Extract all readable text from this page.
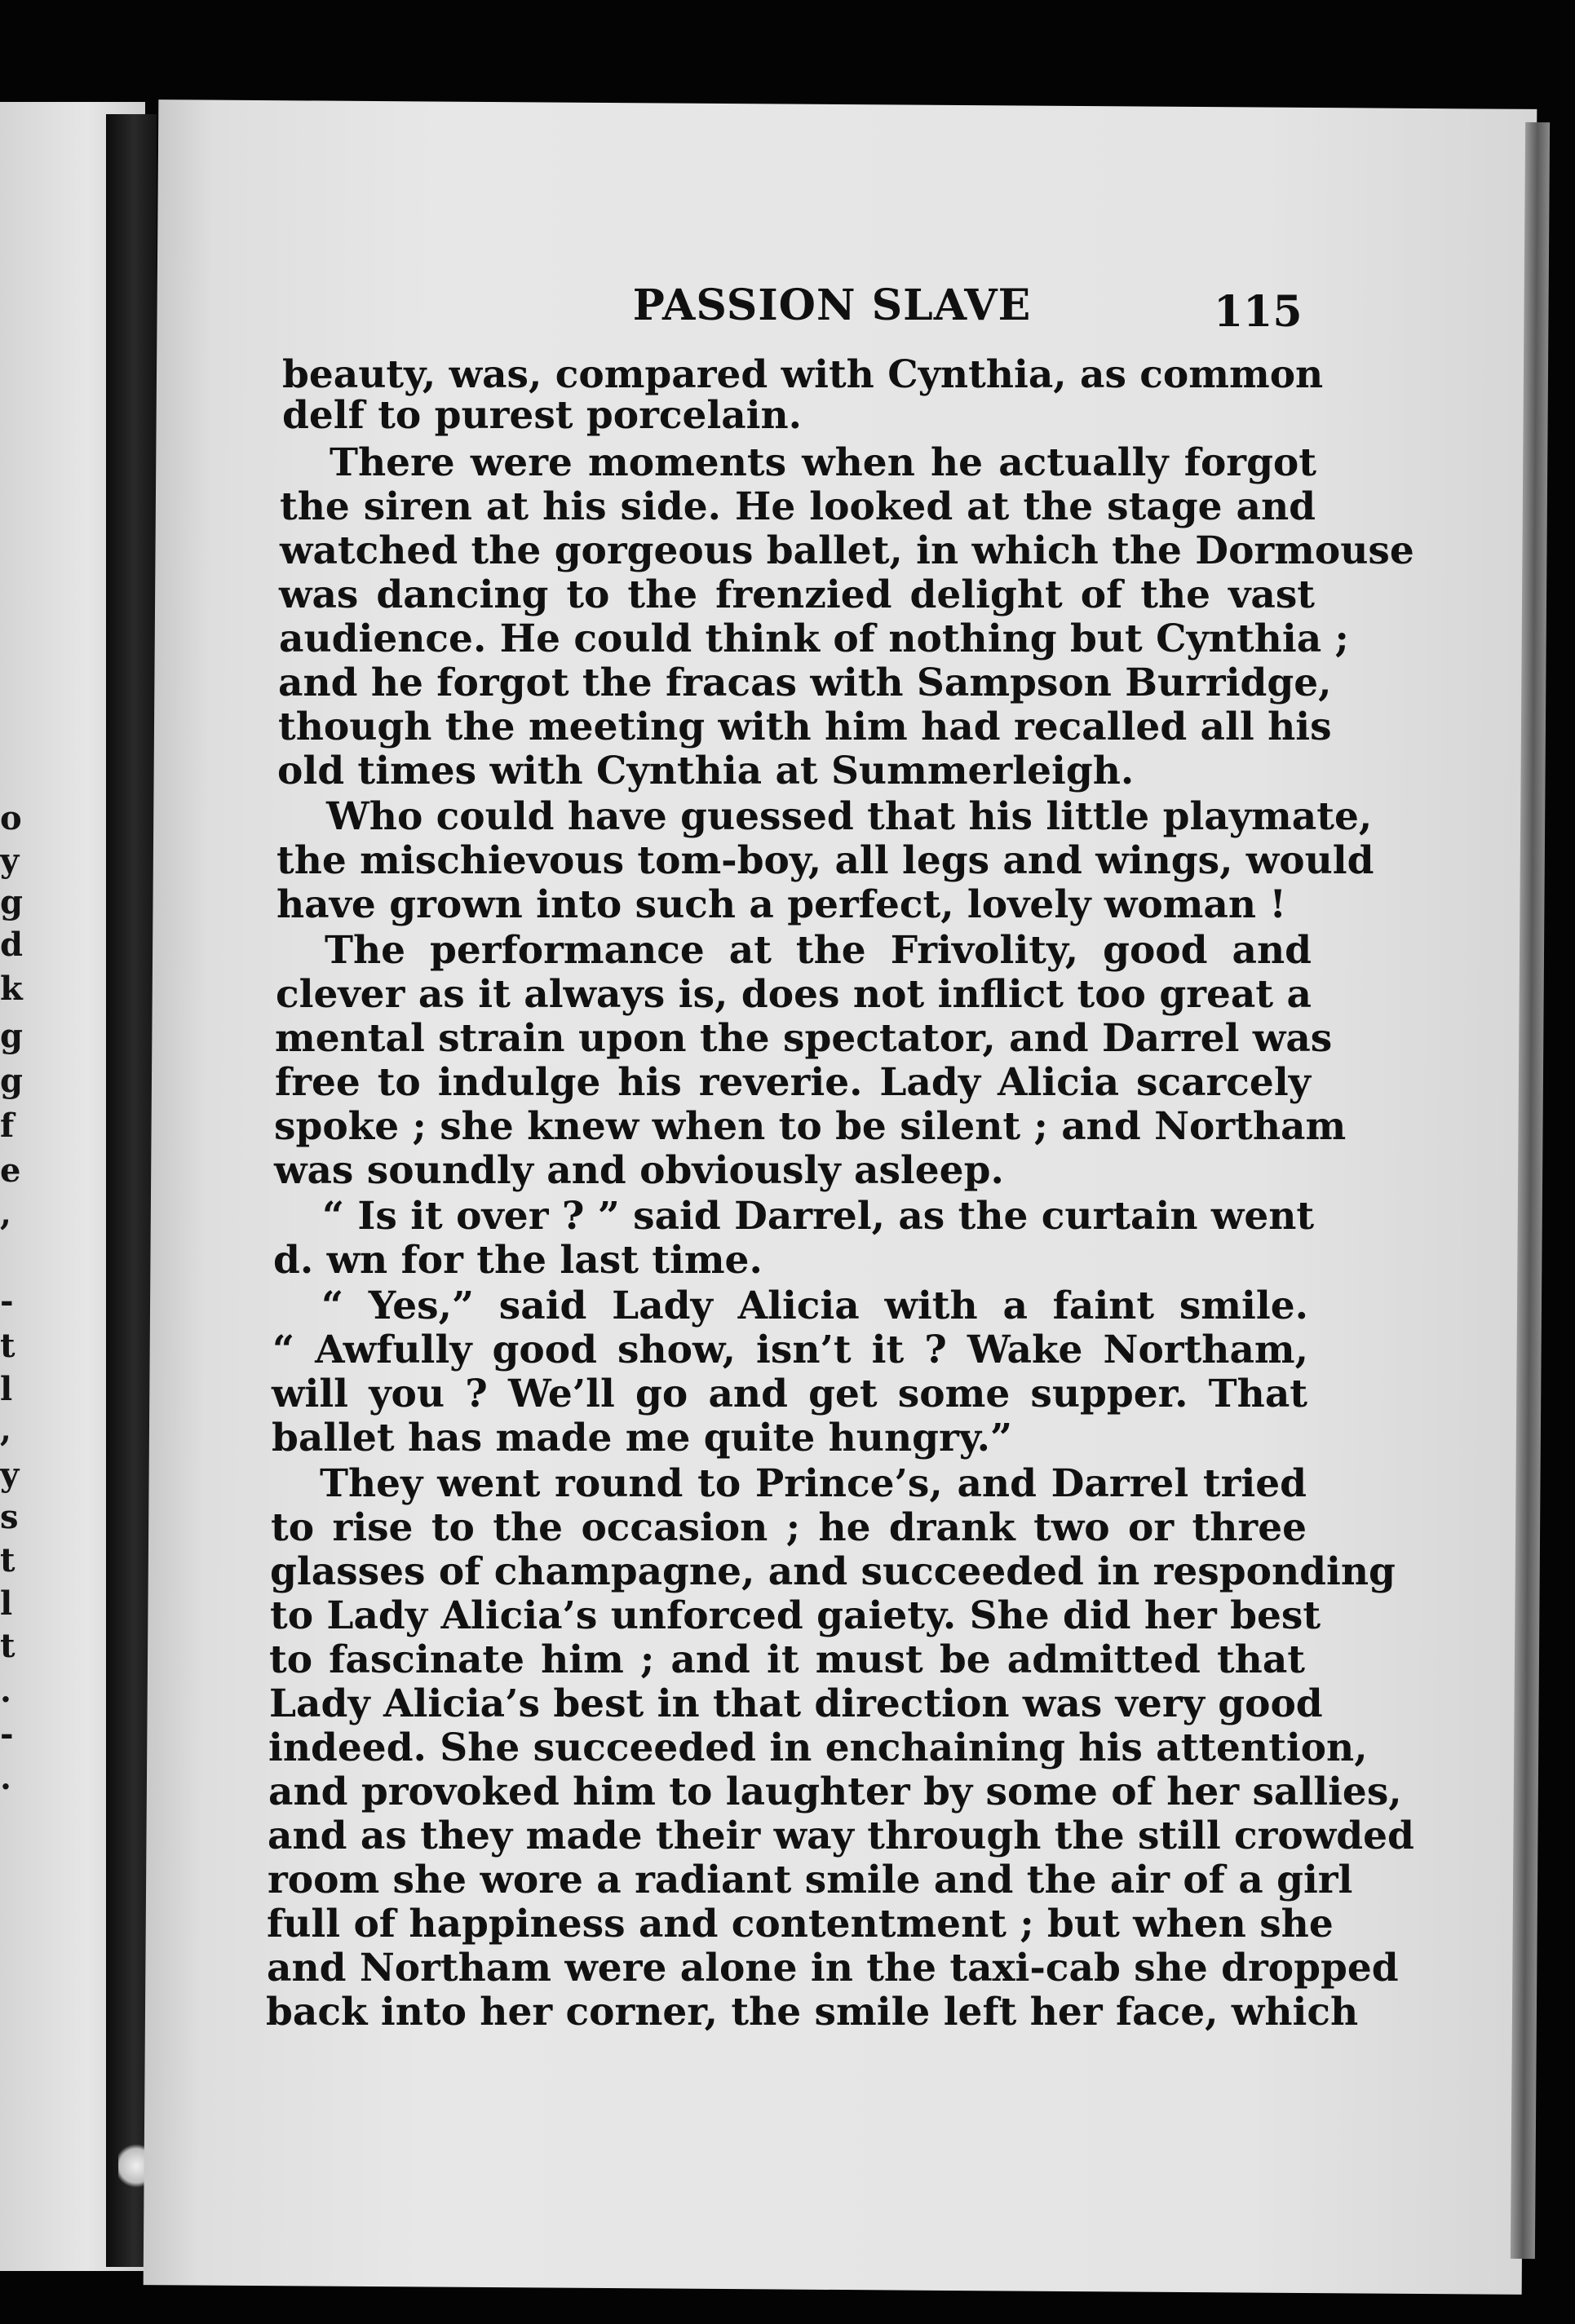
o
y
g
d
k
g
g
f
e
,
-
t
l
,
y
s
t
l
t
.
-
.
PASSION SLAVE	115
beauty, was, compared with Cynthia, as common
delf to purest porcelain.
There were moments when he actually forgot
the siren at his side. He looked at the stage and
watched the gorgeous ballet, in which the Dormouse
was dancing to the frenzied delight of the vast
audience. He could think of nothing but Cynthia ;
and he forgot the fracas with Sampson Burridge,
though the meeting with him had recalled all his
old times with Cynthia at Summerleigh.
Who could have guessed that his little playmate,
the mischievous tom-boy, all legs and wings, would
have grown into such a perfect, lovely woman !
The performance at the Frivolity, good and
clever as it always is, does not inflict too great a
mental strain upon the spectator, and Darrel was
free to indulge his reverie. Lady Alicia scarcely
spoke ; she knew when to be silent ; and Northam
was soundly and obviously asleep.
“ Is it over ? ” said Darrel, as the curtain went
d. wn for the last time.
“ Yes,” said Lady Alicia with a faint smile.
“ Awfully good show, isn’t it ? Wake Northam,
will you ? We’ll go and get some supper. That
ballet has made me quite hungry.”
They went round to Prince’s, and Darrel tried
to rise to the occasion ; he drank two or three
glasses of champagne, and succeeded in responding
to Lady Alicia’s unforced gaiety. She did her best
to fascinate him ; and it must be admitted that
Lady Alicia’s best in that direction was very good
indeed. She succeeded in enchaining his attention,
and provoked him to laughter by some of her sallies,
and as they made their way through the still crowded
room she wore a radiant smile and the air of a girl
full of happiness and contentment ; but when she
and Northam were alone in the taxi-cab she dropped
back into her corner, the smile left her face, which
